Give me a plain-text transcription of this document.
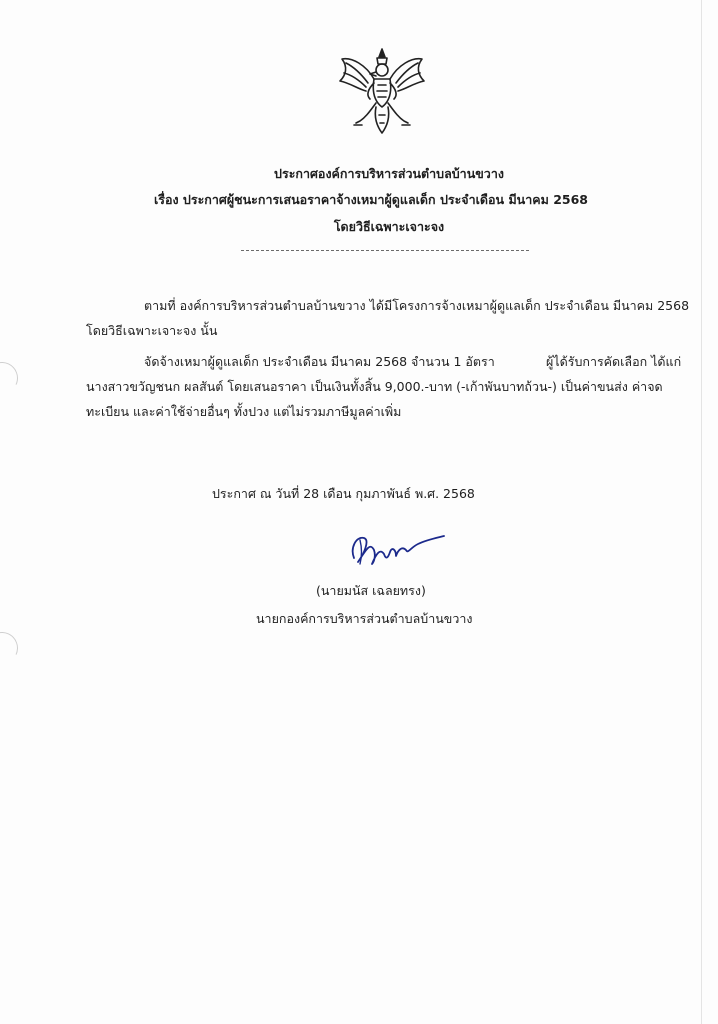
ประกาศองค์การบริหารส่วนตำบลบ้านขวาง
เรื่อง ประกาศผู้ชนะการเสนอราคาจ้างเหมาผู้ดูแลเด็ก ประจำเดือน มีนาคม 2568
โดยวิธีเฉพาะเจาะจง
ตามที่ องค์การบริหารส่วนตำบลบ้านขวาง ได้มีโครงการจ้างเหมาผู้ดูแลเด็ก ประจำเดือน มีนาคม 2568
โดยวิธีเฉพาะเจาะจง นั้น
จัดจ้างเหมาผู้ดูแลเด็ก ประจำเดือน มีนาคม 2568 จำนวน 1 อัตรา	ผู้ได้รับการคัดเลือก ได้แก่
นางสาวขวัญชนก ผลสันต์ โดยเสนอราคา เป็นเงินทั้งสิ้น 9,000.-บาท (-เก้าพันบาทถ้วน-) เป็นค่าขนส่ง ค่าจด
ทะเบียน และค่าใช้จ่ายอื่นๆ ทั้งปวง แต่ไม่รวมภาษีมูลค่าเพิ่ม
ประกาศ ณ วันที่ 28 เดือน กุมภาพันธ์ พ.ศ. 2568
(นายมนัส เฉลยทรง)
นายกองค์การบริหารส่วนตำบลบ้านขวาง
